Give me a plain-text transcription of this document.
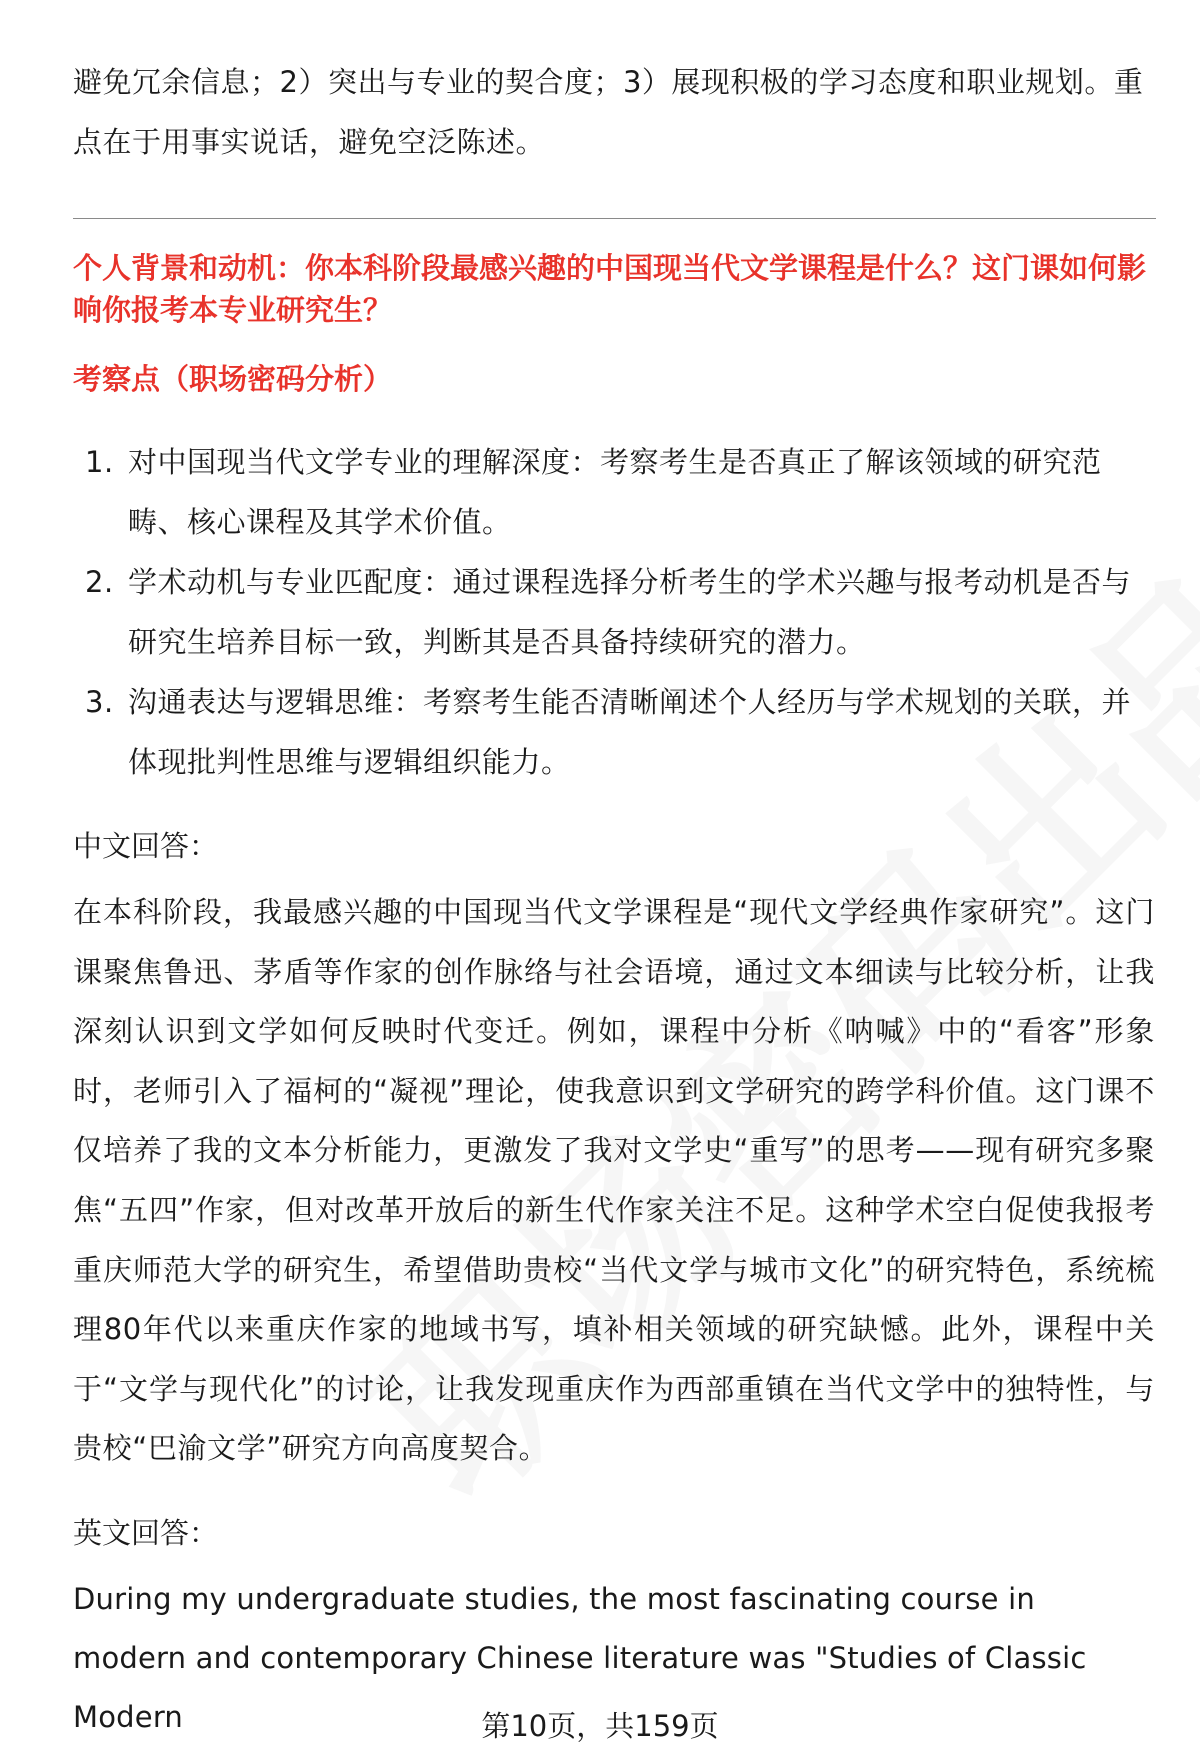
避免冗余信息；2）突出与专业的契合度；3）展现积极的学习态度和职业规划。重点在于用事实说话，避免空泛陈述。
个人背景和动机：你本科阶段最感兴趣的中国现当代文学课程是什么？这门课如何影响你报考本专业研究生？
考察点（职场密码分析）
1. 对中国现当代文学专业的理解深度：考察考生是否真正了解该领域的研究范畴、核心课程及其学术价值。
2. 学术动机与专业匹配度：通过课程选择分析考生的学术兴趣与报考动机是否与研究生培养目标一致，判断其是否具备持续研究的潜力。
3. 沟通表达与逻辑思维：考察考生能否清晰阐述个人经历与学术规划的关联，并体现批判性思维与逻辑组织能力。
中文回答：
在本科阶段，我最感兴趣的中国现当代文学课程是“现代文学经典作家研究”。这门课聚焦鲁迅、茅盾等作家的创作脉络与社会语境，通过文本细读与比较分析，让我深刻认识到文学如何反映时代变迁。例如，课程中分析《呐喊》中的“看客”形象时，老师引入了福柯的“凝视”理论，使我意识到文学研究的跨学科价值。这门课不仅培养了我的文本分析能力，更激发了我对文学史“重写”的思考——现有研究多聚焦“五四”作家，但对改革开放后的新生代作家关注不足。这种学术空白促使我报考重庆师范大学的研究生，希望借助贵校“当代文学与城市文化”的研究特色，系统梳理80年代以来重庆作家的地域书写，填补相关领域的研究缺憾。此外，课程中关于“文学与现代化”的讨论，让我发现重庆作为西部重镇在当代文学中的独特性，与贵校“巴渝文学”研究方向高度契合。
英文回答：
During my undergraduate studies, the most fascinating course in modern and contemporary Chinese literature was "Studies of Classic Modern	第10页，共159页
